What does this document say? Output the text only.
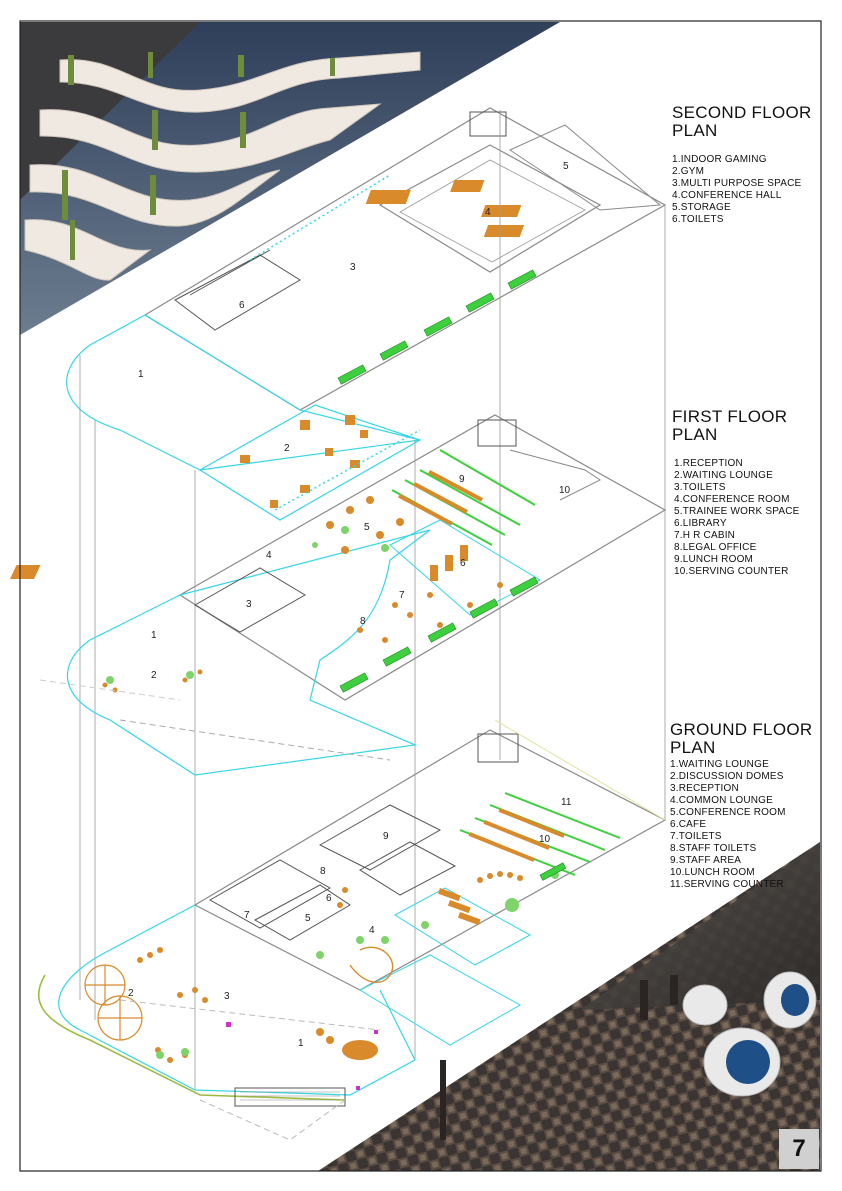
1
2
3
4
5
6
1
2
3
4
5
6
7
8
9
10
1
2	3
4
5
6
7
8
9	10
11
SECOND FLOOR
PLAN
1.INDOOR GAMING
2.GYM
3.MULTI PURPOSE SPACE
4.CONFERENCE HALL
5.STORAGE
6.TOILETS
FIRST FLOOR
PLAN
1.RECEPTION
2.WAITING LOUNGE
3.TOILETS
4.CONFERENCE ROOM
5.TRAINEE WORK SPACE
6.LIBRARY
7.H R CABIN
8.LEGAL OFFICE
9.LUNCH ROOM
10.SERVING COUNTER
GROUND FLOOR
PLAN
1.WAITING LOUNGE
2.DISCUSSION DOMES
3.RECEPTION
4.COMMON LOUNGE
5.CONFERENCE ROOM
6.CAFE
7.TOILETS
8.STAFF TOILETS
9.STAFF AREA
10.LUNCH ROOM
11.SERVING COUNTER
7
